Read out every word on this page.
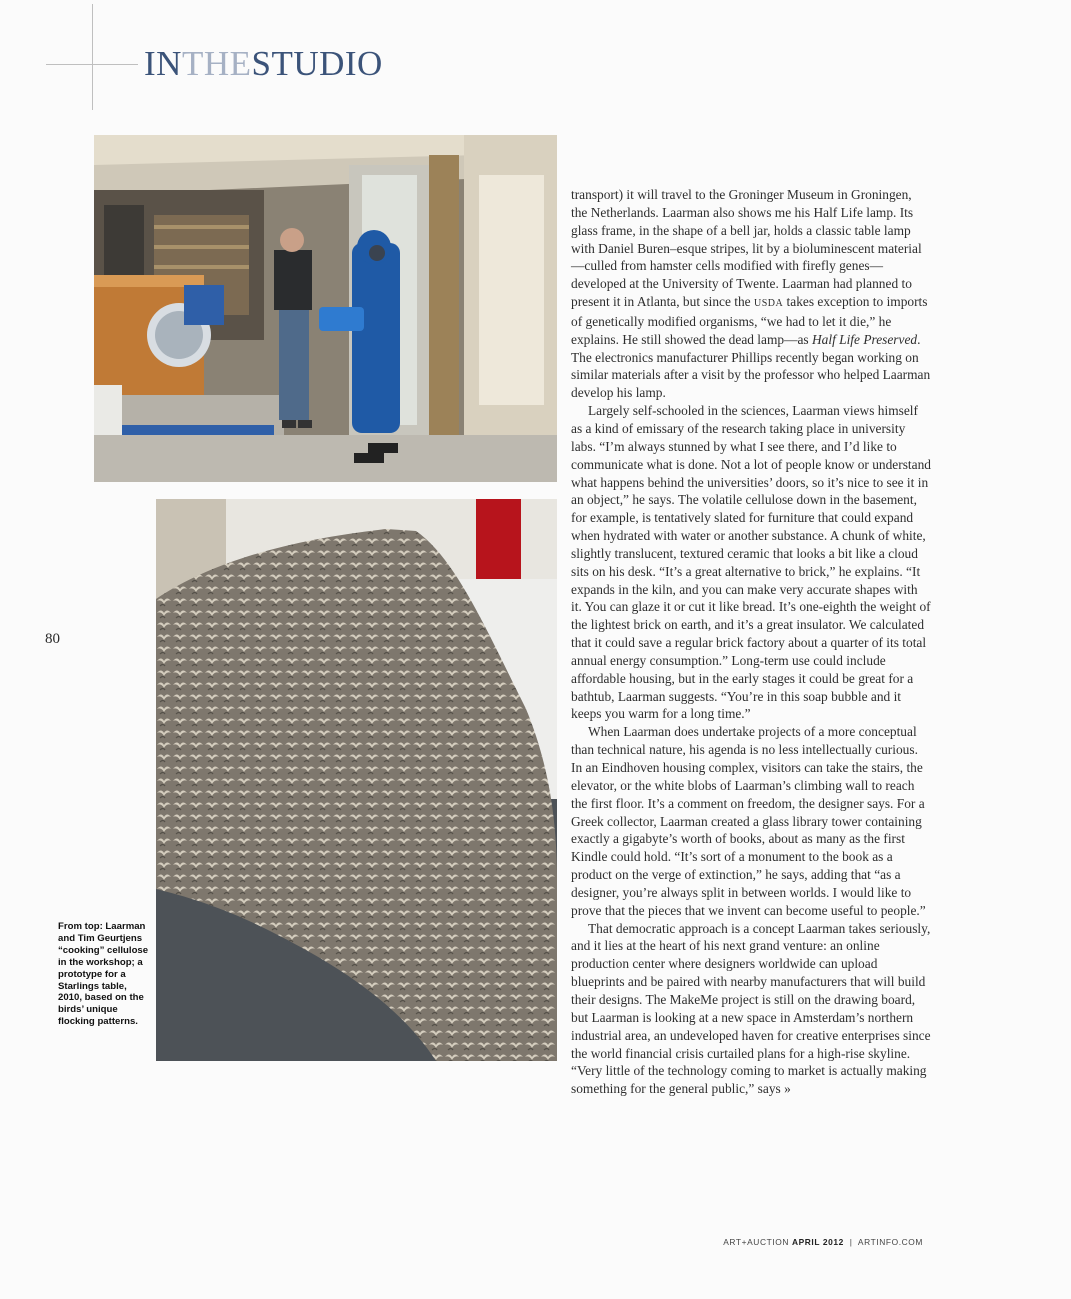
INTHESTUDIO
80
From top: Laarman and Tim Geurtjens “cooking” cellulose in the workshop; a prototype for a Starlings table, 2010, based on the birds’ unique flocking patterns.

transport) it will travel to the Groninger Museum in Groningen, the Netherlands. Laarman also shows me his Half Life lamp. Its glass frame, in the shape of a bell jar, holds a classic table lamp with Daniel Buren–esque stripes, lit by a bioluminescent material—culled from hamster cells modified with firefly genes—developed at the University of Twente. Laarman had planned to present it in Atlanta, but since the USDA takes exception to imports of genetically modified organisms, “we had to let it die,” he explains. He still showed the dead lamp—as Half Life Preserved. The electronics manufacturer Phillips recently began working on similar materials after a visit by the professor who helped Laarman develop his lamp.

Largely self-schooled in the sciences, Laarman views himself as a kind of emissary of the research taking place in university labs. “I’m always stunned by what I see there, and I’d like to communicate what is done. Not a lot of people know or understand what happens behind the universities’ doors, so it’s nice to see it in an object,” he says. The volatile cellulose down in the basement, for example, is tentatively slated for furniture that could expand when hydrated with water or another substance. A chunk of white, slightly translucent, textured ceramic that looks a bit like a cloud sits on his desk. “It’s a great alternative to brick,” he explains. “It expands in the kiln, and you can make very accurate shapes with it. You can glaze it or cut it like bread. It’s one-eighth the weight of the lightest brick on earth, and it’s a great insulator. We calculated that it could save a regular brick factory about a quarter of its total annual energy consumption.” Long-term use could include affordable housing, but in the early stages it could be great for a bathtub, Laarman suggests. “You’re in this soap bubble and it keeps you warm for a long time.”

When Laarman does undertake projects of a more conceptual than technical nature, his agenda is no less intellectually curious. In an Eindhoven housing complex, visitors can take the stairs, the elevator, or the white blobs of Laarman’s climbing wall to reach the first floor. It’s a comment on freedom, the designer says. For a Greek collector, Laarman created a glass library tower containing exactly a gigabyte’s worth of books, about as many as the first Kindle could hold. “It’s sort of a monument to the book as a product on the verge of extinction,” he says, adding that “as a designer, you’re always split in between worlds. I would like to prove that the pieces that we invent can become useful to people.”

That democratic approach is a concept Laarman takes seriously, and it lies at the heart of his next grand venture: an online production center where designers worldwide can upload blueprints and be paired with nearby manufacturers that will build their designs. The MakeMe project is still on the drawing board, but Laarman is looking at a new space in Amsterdam’s northern industrial area, an undeveloped haven for creative enterprises since the world financial crisis curtailed plans for a high-rise skyline. “Very little of the technology coming to market is actually making something for the general public,” says »

ART+AUCTION APRIL 2012 | ARTINFO.COM
